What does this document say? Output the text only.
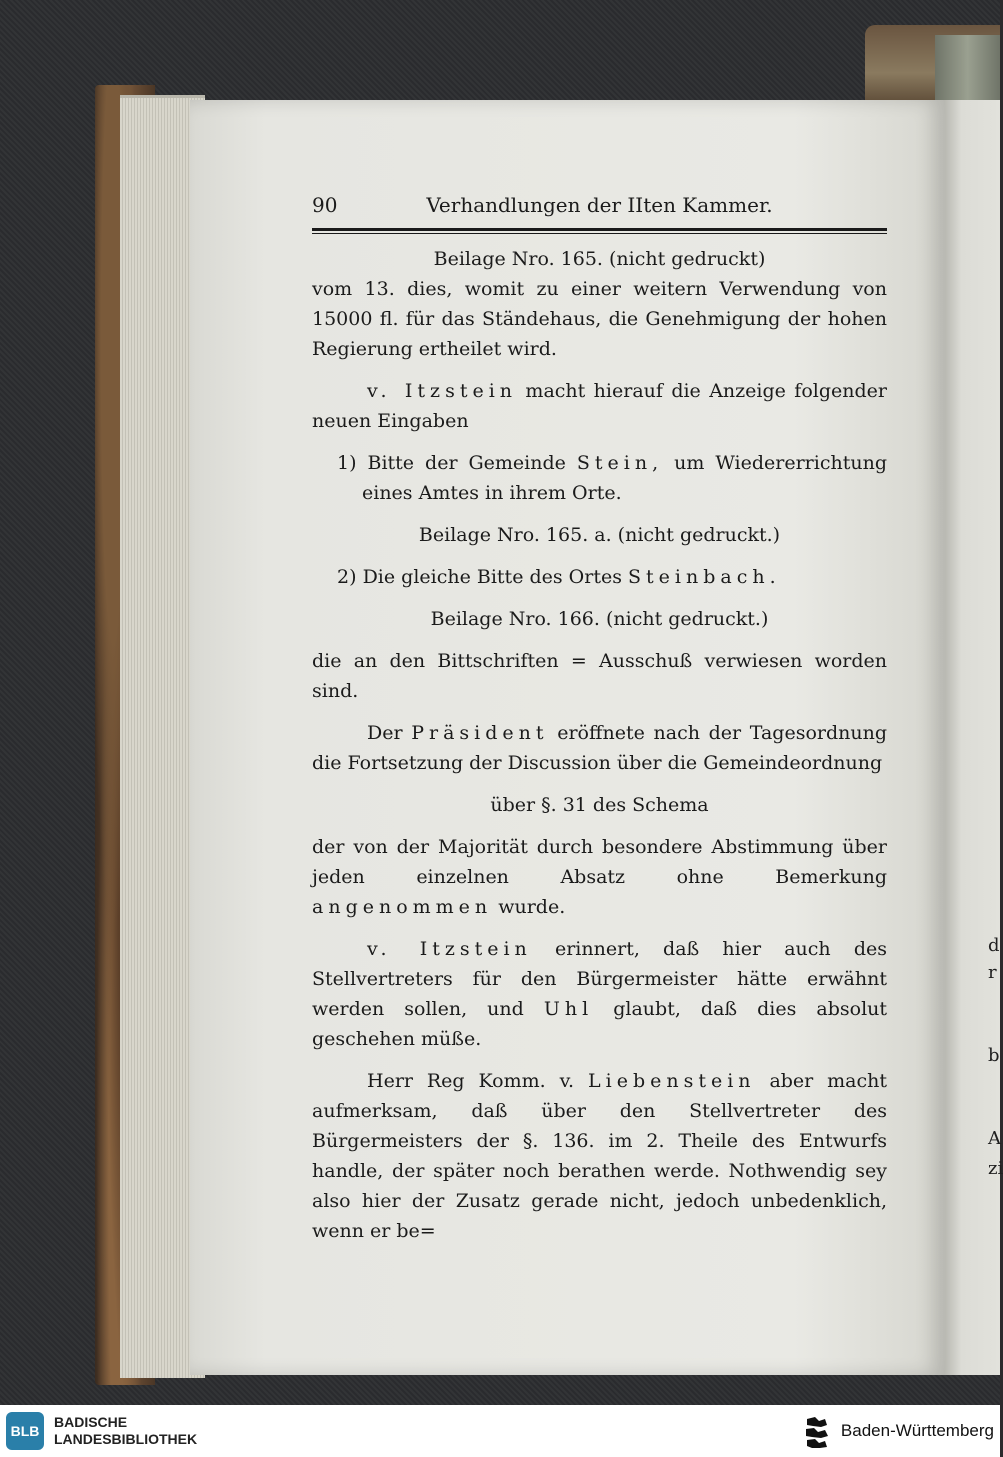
d
r
b
A
zi
90	Verhandlungen der IIten Kammer.

Beilage Nro. 165. (nicht gedruckt)

vom 13. dies, womit zu einer weitern Verwendung von 15000 fl. für das Ständehaus, die Genehmigung der hohen Regierung ertheilet wird.

v. Itzstein macht hierauf die Anzeige folgender neuen Eingaben

1) Bitte der Gemeinde Stein, um Wiedererrichtung eines Amtes in ihrem Orte.

Beilage Nro. 165. a. (nicht gedruckt.)

2) Die gleiche Bitte des Ortes Steinbach.

Beilage Nro. 166. (nicht gedruckt.)

die an den Bittschriften = Ausschuß verwiesen worden sind.

Der Präsident eröffnete nach der Tagesordnung die Fortsetzung der Discussion über die Gemeindeordnung

über §. 31 des Schema

der von der Majorität durch besondere Abstimmung über jeden einzelnen Absatz ohne Bemerkung angenommen wurde.

v. Itzstein erinnert, daß hier auch des Stellvertreters für den Bürgermeister hätte erwähnt werden sollen, und Uhl glaubt, daß dies absolut geschehen müße.

Herr Reg Komm. v. Liebenstein aber macht aufmerksam, daß über den Stellvertreter des Bürgermeisters der §. 136. im 2. Theile des Entwurfs handle, der später noch berathen werde. Nothwendig sey also hier der Zusatz gerade nicht, jedoch unbedenklich, wenn er be=

BLB
BADISCHE
LANDESBIBLIOTHEK	Baden-Württemberg
